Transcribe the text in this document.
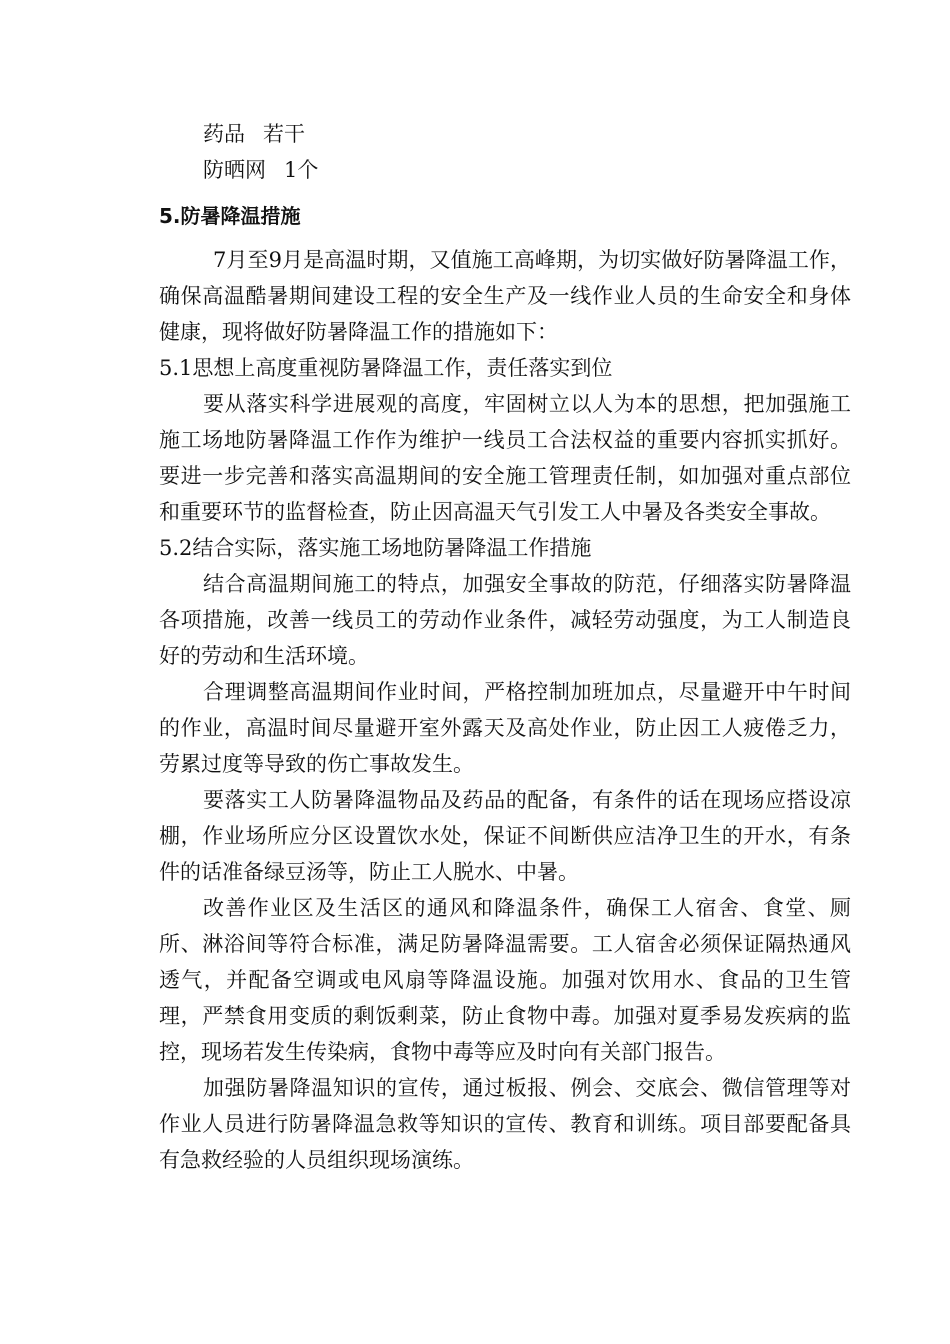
药品 若干
防晒网 1个
5.防暑降温措施

7月至9月是高温时期，又值施工高峰期，为切实做好防暑降温工作，确保高温酷暑期间建设工程的安全生产及一线作业人员的生命安全和身体健康，现将做好防暑降温工作的措施如下：

5.1思想上高度重视防暑降温工作，责任落实到位

要从落实科学进展观的高度，牢固树立以人为本的思想，把加强施工施工场地防暑降温工作作为维护一线员工合法权益的重要内容抓实抓好。要进一步完善和落实高温期间的安全施工管理责任制，如加强对重点部位和重要环节的监督检查，防止因高温天气引发工人中暑及各类安全事故。

5.2结合实际，落实施工场地防暑降温工作措施

结合高温期间施工的特点，加强安全事故的防范，仔细落实防暑降温各项措施，改善一线员工的劳动作业条件，减轻劳动强度，为工人制造良好的劳动和生活环境。

合理调整高温期间作业时间，严格控制加班加点，尽量避开中午时间的作业，高温时间尽量避开室外露天及高处作业，防止因工人疲倦乏力，劳累过度等导致的伤亡事故发生。

要落实工人防暑降温物品及药品的配备，有条件的话在现场应搭设凉棚，作业场所应分区设置饮水处，保证不间断供应洁净卫生的开水，有条件的话准备绿豆汤等，防止工人脱水、中暑。

改善作业区及生活区的通风和降温条件，确保工人宿舍、食堂、厕所、淋浴间等符合标准，满足防暑降温需要。工人宿舍必须保证隔热通风透气，并配备空调或电风扇等降温设施。加强对饮用水、食品的卫生管理，严禁食用变质的剩饭剩菜，防止食物中毒。加强对夏季易发疾病的监控，现场若发生传染病，食物中毒等应及时向有关部门报告。

加强防暑降温知识的宣传，通过板报、例会、交底会、微信管理等对作业人员进行防暑降温急救等知识的宣传、教育和训练。项目部要配备具有急救经验的人员组织现场演练。
